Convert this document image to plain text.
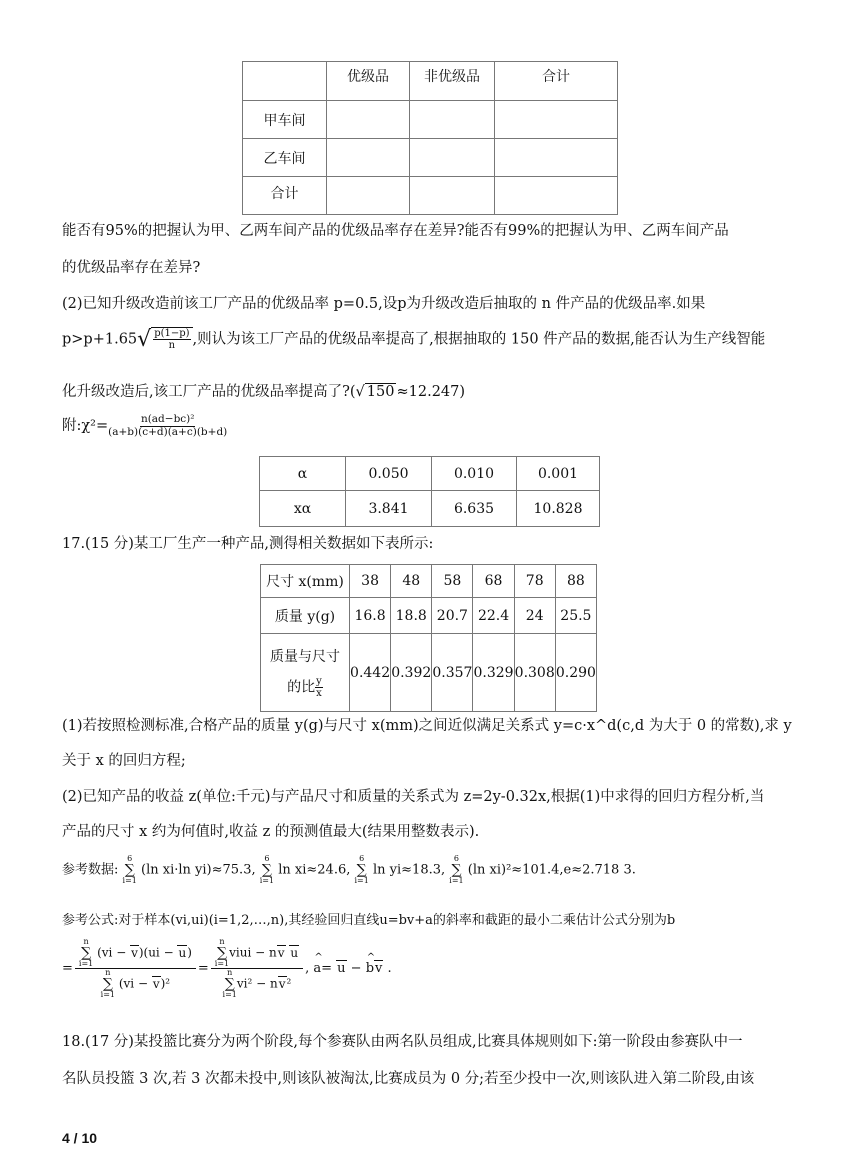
	优级品	非优级品	合计
甲车间			
乙车间			
合计			
能否有95%的把握认为甲、乙两车间产品的优级品率存在差异?能否有99%的把握认为甲、乙两车间产品
的优级品率存在差异?
(2)已知升级改造前该工厂产品的优级品率 p=0.5,设p为升级改造后抽取的 n 件产品的优级品率.如果
$p>p+1.65√ \frac{p(1-p)}{n}$ ,则认为该工厂产品的优级品率提高了,根据抽取的 150 件产品的数据,能否认为生产线智能
化升级改造后,该工厂产品的优级品率提高了?(√ 150 ≈12.247)
附:χ²= $\frac{\text{n(ad−bc)²}}{(a+b)(c+d)(a+c)(b+d)}$
α	0.050	0.010	0.001
xα	3.841	6.635	10.828
17.(15 分)某工厂生产一种产品,测得相关数据如下表所示:
尺寸 x(mm)	38	48	58	68	78	88
质量 y(g)	16.8	18.8	20.7	22.4	24	25.5

质量与尺寸
的比 $\frac{y}{x}$	0.442	0.392	0.357	0.329	0.308	0.290
(1)若按照检测标准,合格产品的质量 y(g)与尺寸 x(mm)之间近似满足关系式 y=c·x^d(c,d 为大于 0 的常数),求 y
关于 x 的回归方程;
(2)已知产品的收益 z(单位:千元)与产品尺寸和质量的关系式为 z=2y-0.32x,根据(1)中求得的回归方程分析,当
产品的尺寸 x 约为何值时,收益 z 的预测值最大(结果用整数表示).
参考数据:
6
∑
i=1
(ln xi·ln yi)≈75.3,
6
∑
i=1
ln xi≈24.6,
6
∑
i=1
ln yi≈18.3,
6
∑
i=1
(ln xi)²≈101.4,e≈2.718 3.
参考公式:对于样本(vi,ui)(i=1,2,…,n),其经验回归直线u=bv+a的斜率和截距的最小二乘估计公式分别为b
= n
∑
i=1
(vi − v)(ui − u)
n
∑
i=1
(vi − v)² = n
∑
i=1
viui − nv u
n
∑
i=1
vi² − nv² , ^ a= u − ^ bv .
18.(17 分)某投篮比赛分为两个阶段,每个参赛队由两名队员组成,比赛具体规则如下:第一阶段由参赛队中一
名队员投篮 3 次,若 3 次都未投中,则该队被淘汰,比赛成员为 0 分;若至少投中一次,则该队进入第二阶段,由该
4 / 10
